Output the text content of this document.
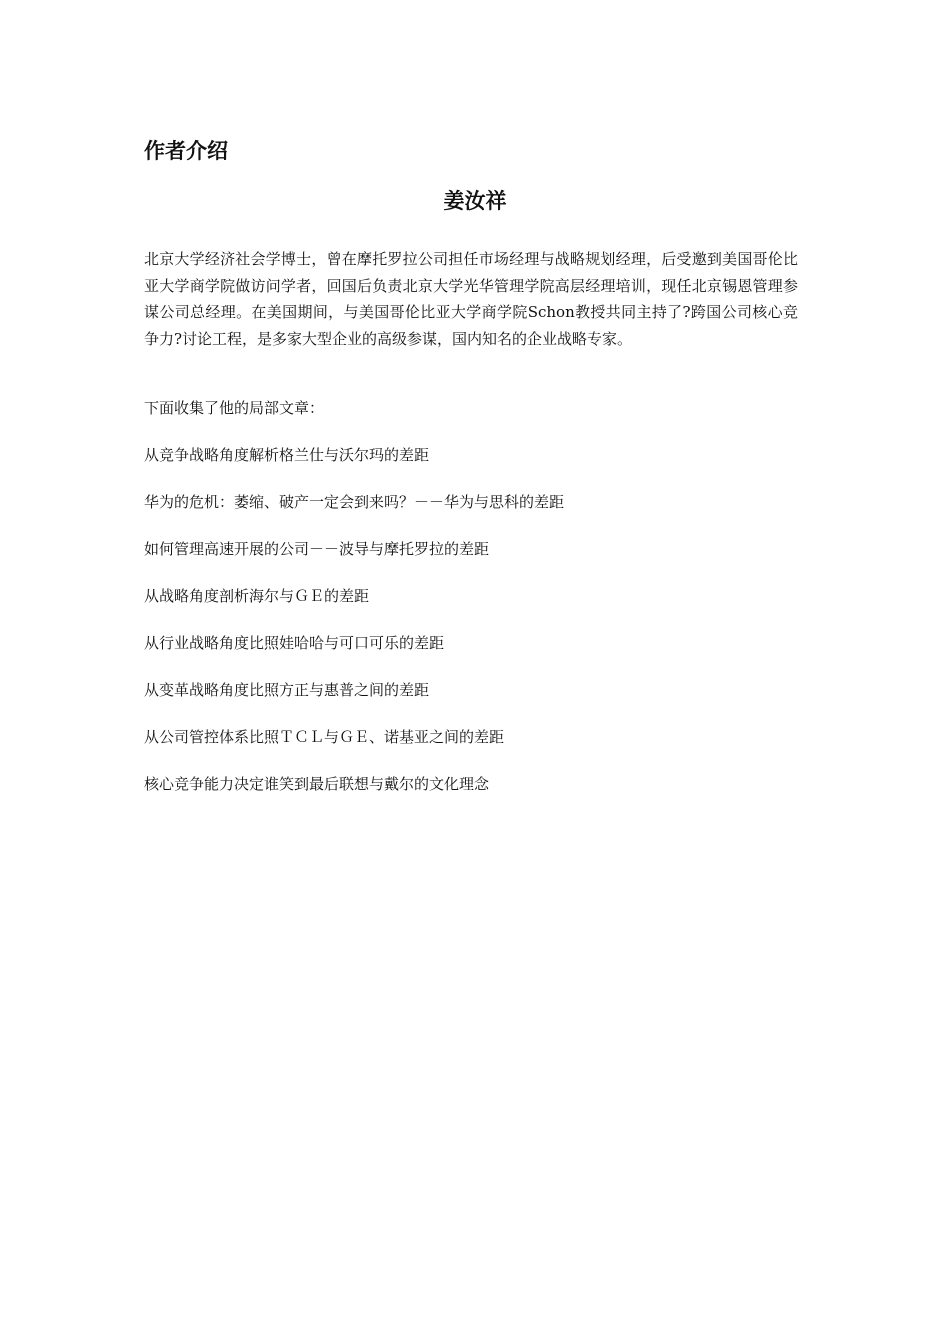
作者介绍
姜汝祥

北京大学经济社会学博士，曾在摩托罗拉公司担任市场经理与战略规划经理，后受邀到美国哥伦比亚大学商学院做访问学者，回国后负责北京大学光华管理学院高层经理培训，现任北京锡恩管理参谋公司总经理。在美国期间，与美国哥伦比亚大学商学院Schon教授共同主持了?跨国公司核心竞争力?讨论工程，是多家大型企业的高级参谋，国内知名的企业战略专家。

下面收集了他的局部文章：

从竞争战略角度解析格兰仕与沃尔玛的差距
华为的危机：萎缩、破产一定会到来吗？－－华为与思科的差距
如何管理高速开展的公司－－波导与摩托罗拉的差距
从战略角度剖析海尔与ＧＥ的差距
从行业战略角度比照娃哈哈与可口可乐的差距
从变革战略角度比照方正与惠普之间的差距
从公司管控体系比照ＴＣＬ与ＧＥ、诺基亚之间的差距
核心竞争能力决定谁笑到最后联想与戴尔的文化理念
